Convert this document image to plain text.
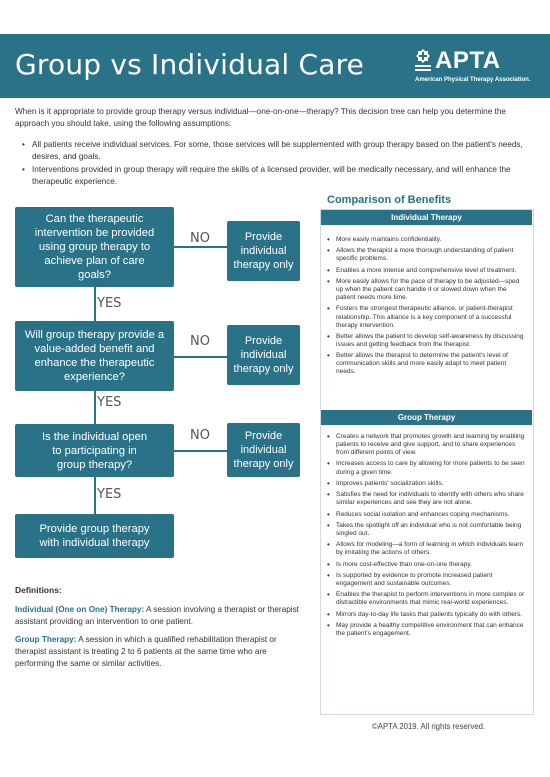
Group vs Individual Care	APTA
American Physical Therapy Association.

When is it appropriate to provide group therapy versus individual—one-on-one—therapy? This decision tree can help you determine the approach you should take, using the following assumptions:

• All patients receive individual services. For some, those services will be supplemented with group therapy based on the patient's needs, desires, and goals.

• Interventions provided in group therapy will require the skills of a licensed provider, will be medically necessary, and will enhance the therapeutic experience.

Can the therapeutic intervention be provided using group therapy to achieve plan of care goals?
NO	Provide individual therapy only
YES
Will group therapy provide a value-added benefit and enhance the therapeutic experience?
NO	Provide individual therapy only
YES
Is the individual open to participating in group therapy?
NO	Provide individual therapy only
YES
Provide group therapy with individual therapy

Definitions:

Individual (One on One) Therapy: A session involving a therapist or therapist assistant providing an intervention to one patient.

Group Therapy: A session in which a qualified rehabilitation therapist or therapist assistant is treating 2 to 6 patients at the same time who are performing the same or similar activities.

Comparison of Benefits

Individual Therapy
• More easily maintains confidentiality.
• Allows the therapist a more thorough understanding of patient specific problems.
• Enables a more intense and comprehensive level of treatment.
• More easily allows for the pace of therapy to be adjusted—sped up when the patient can handle it or slowed down when the patient needs more time.
• Fosters the strongest therapeutic alliance, or patient-therapist relationship. This alliance is a key component of a successful therapy intervention.
• Better allows the patient to develop self-awareness by discussing issues and getting feedback from the therapist.
• Better allows the therapist to determine the patient's level of communication skills and more easily adapt to meet patient needs.
Group Therapy
• Creates a network that promotes growth and learning by enabling patients to receive and give support, and to share experiences from different points of view.
• Increases access to care by allowing for more patients to be seen during a given time.
• Improves patients' socialization skills.
• Satisfies the need for individuals to identify with others who share similar experiences and see they are not alone.
• Reduces social isolation and enhances coping mechanisms.
• Takes the spotlight off an individual who is not comfortable being singled out.
• Allows for modeling—a form of learning in which individuals learn by imitating the actions of others.
• Is more cost-effective than one-on-one therapy.
• Is supported by evidence to promote increased patient engagement and sustainable outcomes.
• Enables the therapist to perform interventions in more complex or distractible environments that mimic real-world experiences.
• Mirrors day-to-day life tasks that patients typically do with others.
• May provide a healthy competitive environment that can enhance the patient's engagement.

©APTA 2019. All rights reserved.
